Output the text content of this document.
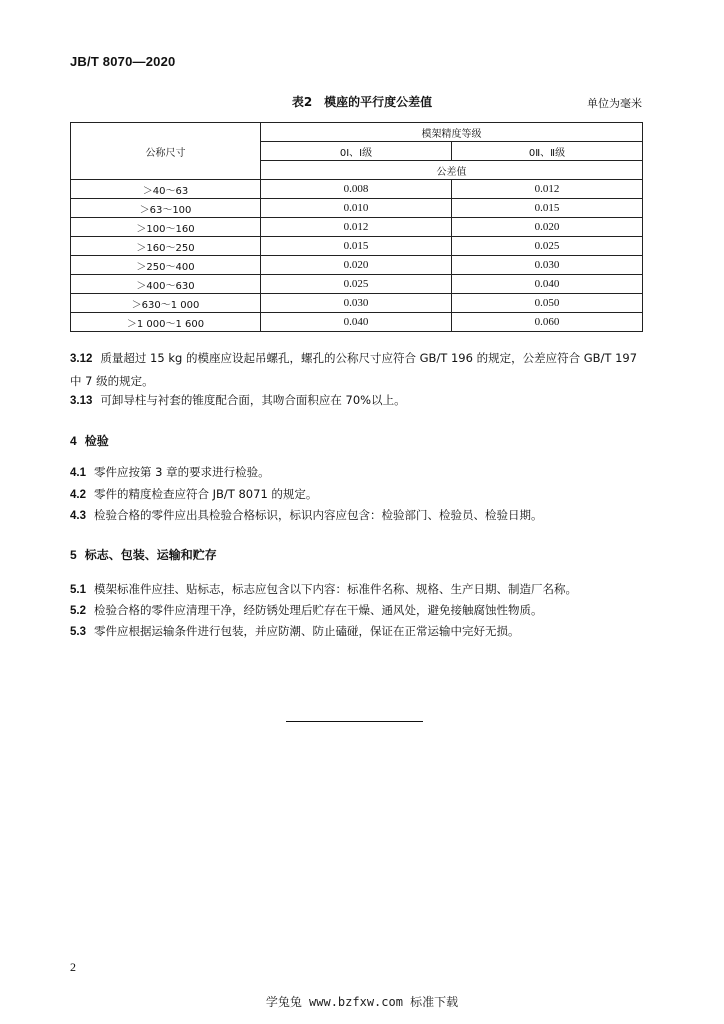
JB/T 8070—2020
表2　模座的平行度公差值	单位为毫米
公称尺寸	模架精度等级	
	0Ⅰ、Ⅰ级	0Ⅱ、Ⅱ级
	公差值	
＞40～63	0.008	0.012
＞63～100	0.010	0.015
＞100～160	0.012	0.020
＞160～250	0.015	0.025
＞250～400	0.020	0.030
＞400～630	0.025	0.040
＞630～1 000	0.030	0.050
＞1 000～1 600	0.040	0.060
3.12 质量超过 15 kg 的模座应设起吊螺孔，螺孔的公称尺寸应符合 GB/T 196 的规定，公差应符合 GB/T 197 中 7 级的规定。
3.13 可卸导柱与衬套的锥度配合面，其吻合面积应在 70%以上。
4 检验
4.1 零件应按第 3 章的要求进行检验。
4.2 零件的精度检查应符合 JB/T 8071 的规定。
4.3 检验合格的零件应出具检验合格标识，标识内容应包含：检验部门、检验员、检验日期。
5 标志、包装、运输和贮存
5.1 模架标准件应挂、贴标志，标志应包含以下内容：标准件名称、规格、生产日期、制造厂名称。
5.2 检验合格的零件应清理干净，经防锈处理后贮存在干燥、通风处，避免接触腐蚀性物质。
5.3 零件应根据运输条件进行包装，并应防潮、防止磕碰，保证在正常运输中完好无损。
2
学兔兔 www.bzfxw.com 标准下载
